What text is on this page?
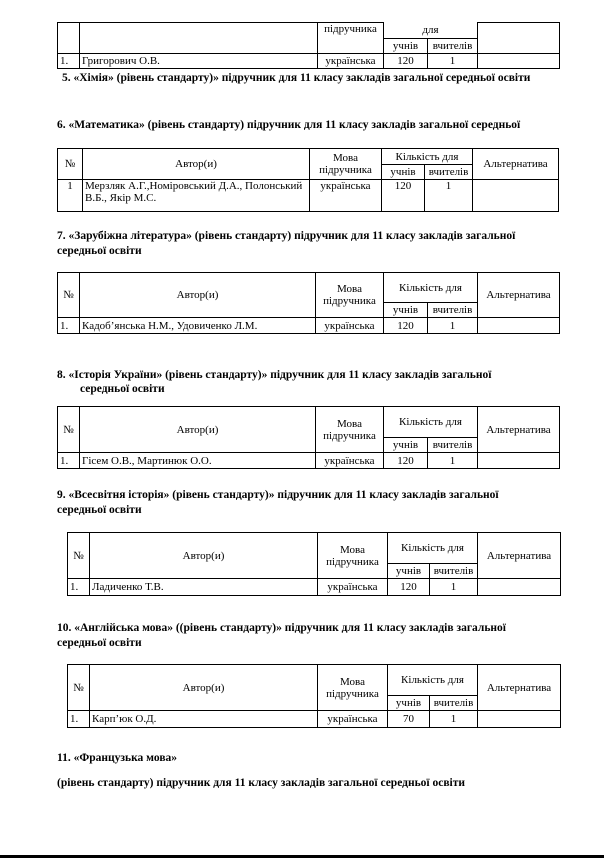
		підручника	для		
			учнів	вчителів	
1.	Григорович О.В.	українська	120	1	
5. «Хімія» (рівень стандарту)» підручник для 11 класу закладів загальної середньої освіти
6. «Математика» (рівень стандарту) підручник для 11 класу закладів загальної середньої
№	Автор(и)	Мова підручника	Кількість для		Альтернатива
			учнів	вчителів	
1	Мерзляк А.Г.,Номіровський Д.А., Полонський В.Б., Якір М.С.	українська	120	1	
7. «Зарубіжна література» (рівень стандарту) підручник для 11 класу закладів загальної
середньої освіти
№	Автор(и)	Мова підручника	Кількість для		Альтернатива
			учнів	вчителів	
1.	Кадоб’янська Н.М., Удовиченко Л.М.	українська	120	1	
8. «Історія України» (рівень стандарту)» підручник для 11 класу закладів загальної
середньої освіти
№	Автор(и)	Мова підручника	Кількість для		Альтернатива
			учнів	вчителів	
1.	Гісем О.В., Мартинюк О.О.	українська	120	1	
9. «Всесвітня історія» (рівень стандарту)» підручник для 11 класу закладів загальної
середньої освіти
№	Автор(и)	Мова підручника	Кількість для		Альтернатива
			учнів	вчителів	
1.	Ладиченко Т.В.	українська	120	1	
10. «Англійська мова» ((рівень стандарту)» підручник для 11 класу закладів загальної
середньої освіти
№	Автор(и)	Мова підручника	Кількість для		Альтернатива
			учнів	вчителів	
1.	Карп’юк О.Д.	українська	70	1	
11. «Французька мова»
(рівень стандарту) підручник для 11 класу закладів загальної середньої освіти
